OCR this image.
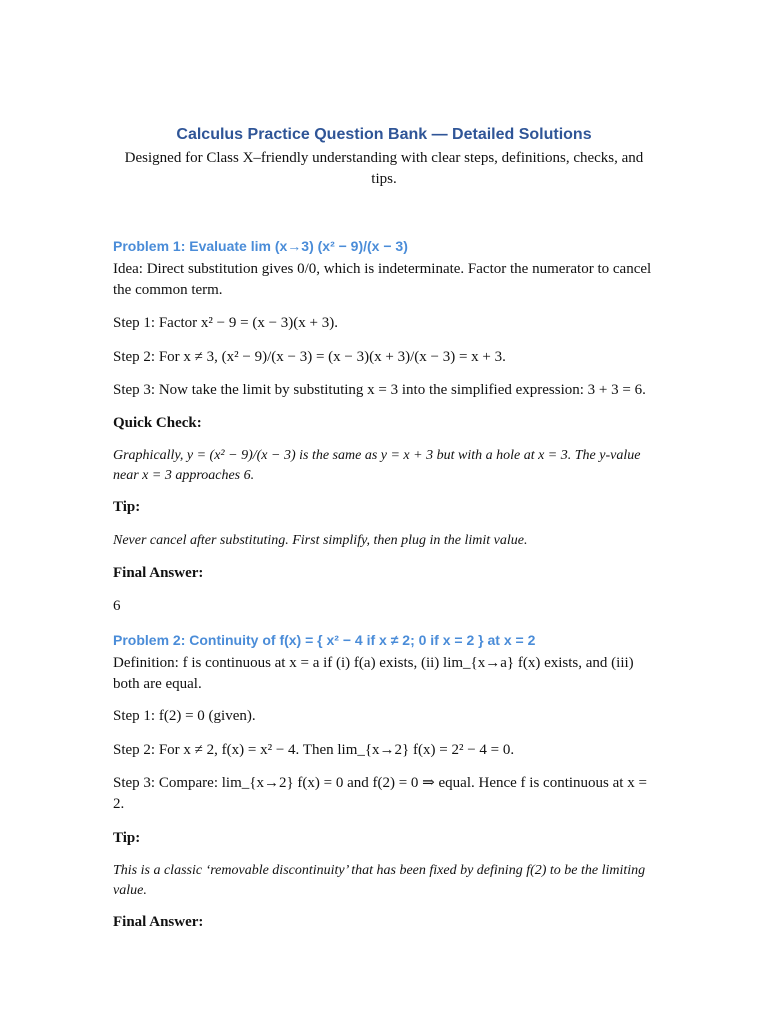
Calculus Practice Question Bank — Detailed Solutions
Designed for Class X–friendly understanding with clear steps, definitions, checks, and tips.
Problem 1: Evaluate lim (x→3) (x² − 9)/(x − 3)
Idea: Direct substitution gives 0/0, which is indeterminate. Factor the numerator to cancel the common term.
Step 1: Factor x² − 9 = (x − 3)(x + 3).
Step 2: For x ≠ 3, (x² − 9)/(x − 3) = (x − 3)(x + 3)/(x − 3) = x + 3.
Step 3: Now take the limit by substituting x = 3 into the simplified expression: 3 + 3 = 6.
Quick Check:
Graphically, y = (x² − 9)/(x − 3) is the same as y = x + 3 but with a hole at x = 3. The y-value near x = 3 approaches 6.
Tip:
Never cancel after substituting. First simplify, then plug in the limit value.
Final Answer:
6
Problem 2: Continuity of f(x) = { x² − 4 if x ≠ 2; 0 if x = 2 } at x = 2
Definition: f is continuous at x = a if (i) f(a) exists, (ii) lim_{x→a} f(x) exists, and (iii) both are equal.
Step 1: f(2) = 0 (given).
Step 2: For x ≠ 2, f(x) = x² − 4. Then lim_{x→2} f(x) = 2² − 4 = 0.
Step 3: Compare: lim_{x→2} f(x) = 0 and f(2) = 0 ⇒ equal. Hence f is continuous at x = 2.
Tip:
This is a classic ‘removable discontinuity’ that has been fixed by defining f(2) to be the limiting value.
Final Answer:
